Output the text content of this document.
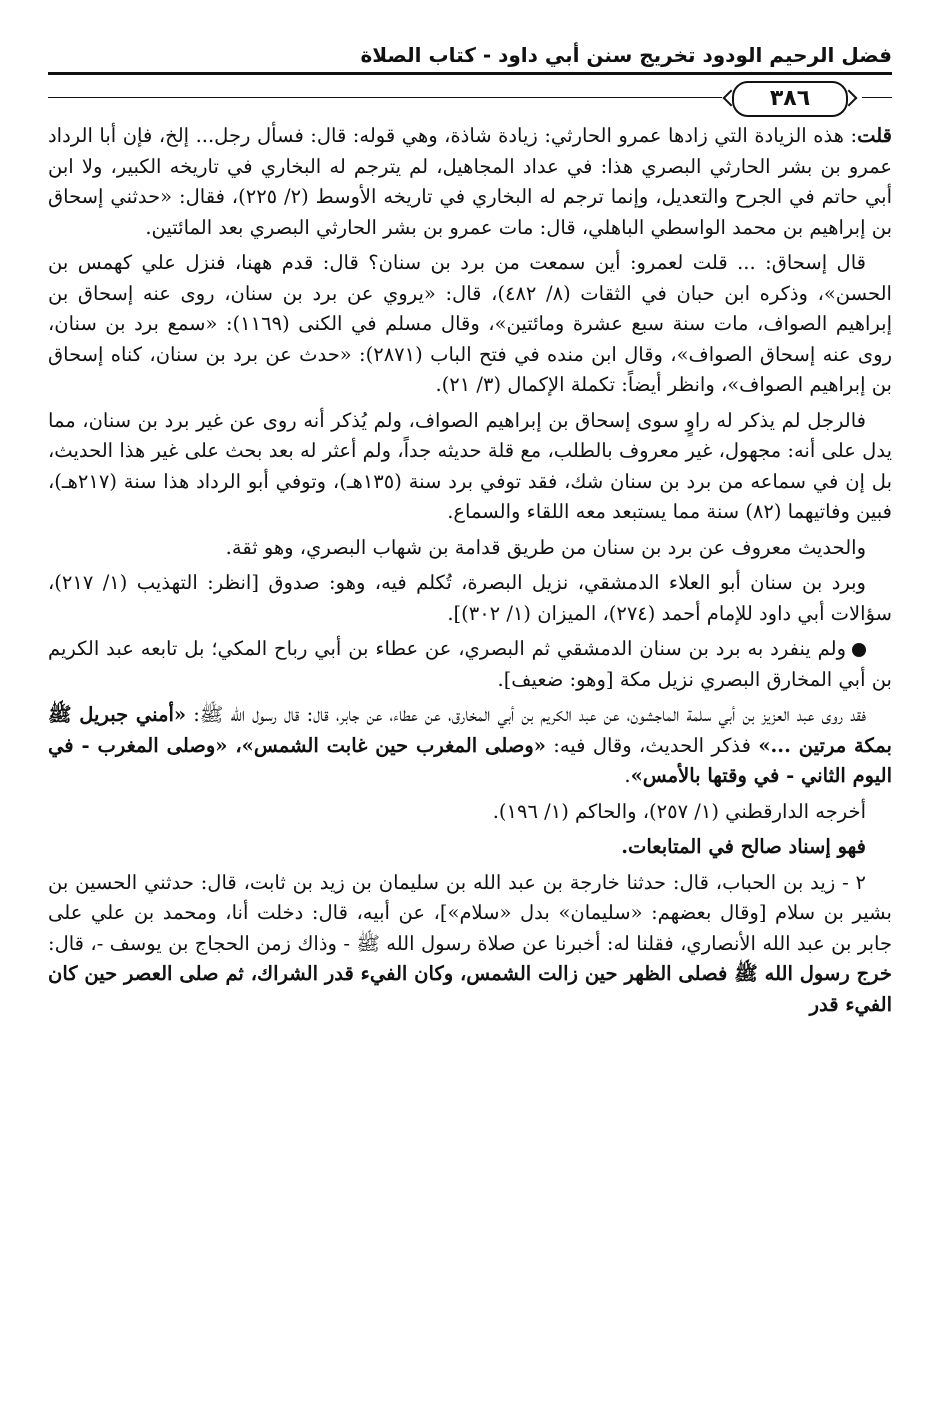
فضل الرحيم الودود تخريج سنن أبي داود - كتاب الصلاة
٣٨٦

قلت: هذه الزيادة التي زادها عمرو الحارثي: زيادة شاذة، وهي قوله: قال: فسأل رجل... إلخ، فإن أبا الرداد عمرو بن بشر الحارثي البصري هذا: في عداد المجاهيل، لم يترجم له البخاري في تاريخه الكبير، ولا ابن أبي حاتم في الجرح والتعديل، وإنما ترجم له البخاري في تاريخه الأوسط (٢/ ٢٢٥)، فقال: «حدثني إسحاق بن إبراهيم بن محمد الواسطي الباهلي، قال: مات عمرو بن بشر الحارثي البصري بعد المائتين.

قال إسحاق: ... قلت لعمرو: أين سمعت من برد بن سنان؟ قال: قدم ههنا، فنزل علي كهمس بن الحسن»، وذكره ابن حبان في الثقات (٨/ ٤٨٢)، قال: «يروي عن برد بن سنان، روى عنه إسحاق بن إبراهيم الصواف، مات سنة سبع عشرة ومائتين»، وقال مسلم في الكنى (١١٦٩): «سمع برد بن سنان، روى عنه إسحاق الصواف»، وقال ابن منده في فتح الباب (٢٨٧١): «حدث عن برد بن سنان، كناه إسحاق بن إبراهيم الصواف»، وانظر أيضاً: تكملة الإكمال (٣/ ٢١).

فالرجل لم يذكر له راوٍ سوى إسحاق بن إبراهيم الصواف، ولم يُذكر أنه روى عن غير برد بن سنان، مما يدل على أنه: مجهول، غير معروف بالطلب، مع قلة حديثه جداً، ولم أعثر له بعد بحث على غير هذا الحديث، بل إن في سماعه من برد بن سنان شك، فقد توفي برد سنة (١٣٥هـ)، وتوفي أبو الرداد هذا سنة (٢١٧هـ)، فبين وفاتيهما (٨٢) سنة مما يستبعد معه اللقاء والسماع.

والحديث معروف عن برد بن سنان من طريق قدامة بن شهاب البصري، وهو ثقة.

وبرد بن سنان أبو العلاء الدمشقي، نزيل البصرة، تُكلم فيه، وهو: صدوق [انظر: التهذيب (١/ ٢١٧)، سؤالات أبي داود للإمام أحمد (٢٧٤)، الميزان (١/ ٣٠٢)].

ولم ينفرد به برد بن سنان الدمشقي ثم البصري، عن عطاء بن أبي رباح المكي؛ بل تابعه عبد الكريم بن أبي المخارق البصري نزيل مكة [وهو: ضعيف].

فقد روى عبد العزيز بن أبي سلمة الماجشون، عن عبد الكريم بن أبي المخارق، عن عطاء، عن جابر، قال: قال رسول الله ﷺ: «أمني جبريل ﷺ بمكة مرتين ...» فذكر الحديث، وقال فيه: «وصلى المغرب حين غابت الشمس»، «وصلى المغرب - في اليوم الثاني - في وقتها بالأمس».

أخرجه الدارقطني (١/ ٢٥٧)، والحاكم (١/ ١٩٦).

فهو إسناد صالح في المتابعات.

٢ - زيد بن الحباب، قال: حدثنا خارجة بن عبد الله بن سليمان بن زيد بن ثابت، قال: حدثني الحسين بن بشير بن سلام [وقال بعضهم: «سليمان» بدل «سلام»]، عن أبيه، قال: دخلت أنا، ومحمد بن علي على جابر بن عبد الله الأنصاري، فقلنا له: أخبرنا عن صلاة رسول الله ﷺ - وذاك زمن الحجاج بن يوسف -، قال: خرج رسول الله ﷺ فصلى الظهر حين زالت الشمس، وكان الفيء قدر الشراك، ثم صلى العصر حين كان الفيء قدر
